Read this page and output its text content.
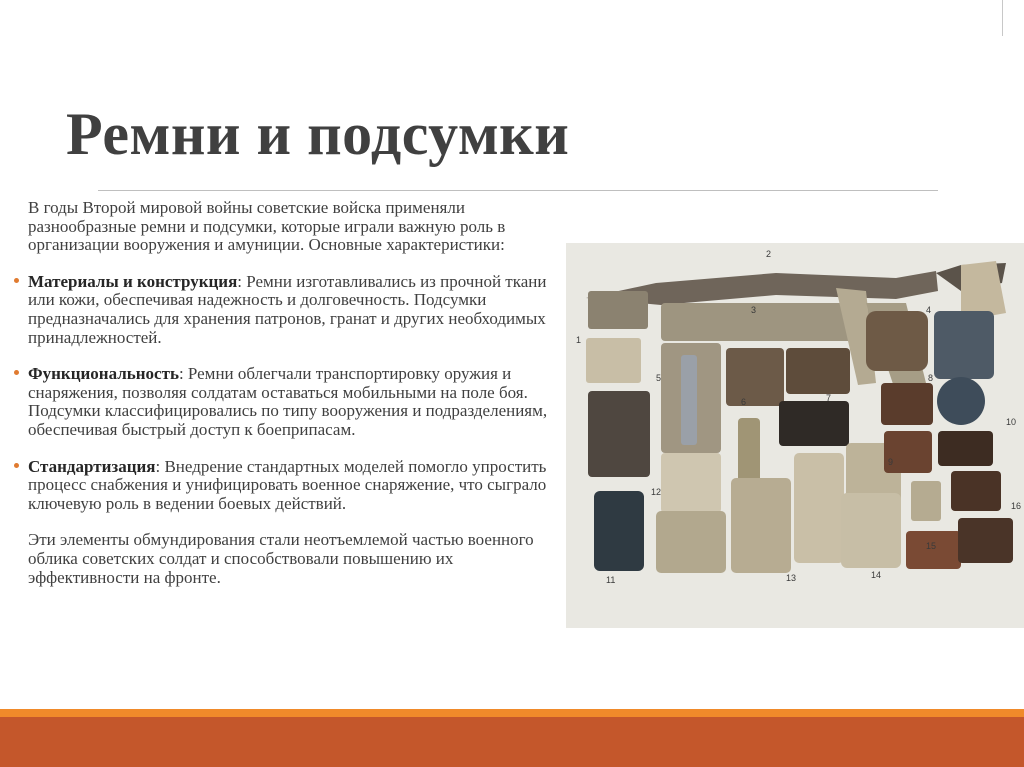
Ремни и подсумки

В годы Второй мировой войны советские войска применяли разнообразные ремни и подсумки, которые играли важную роль в организации вооружения и амуниции. Основные характеристики:

Материалы и конструкция: Ремни изготавливались из прочной ткани или кожи, обеспечивая надежность и долговечность. Подсумки предназначались для хранения патронов, гранат и других необходимых принадлежностей.
Функциональность: Ремни облегчали транспортировку оружия и снаряжения, позволяя солдатам оставаться мобильными на поле боя. Подсумки классифицировались по типу вооружения и подразделениям, обеспечивая быстрый доступ к боеприпасам.
Стандартизация: Внедрение стандартных моделей помогло упростить процесс снабжения и унифицировать военное снаряжение, что сыграло ключевую роль в ведении боевых действий.

Эти элементы обмундирования стали неотъемлемой частью военного облика советских солдат и способствовали повышению их эффективности на фронте.

1
2
3	4
5
6	7
8
9
10
11
12
13	14
15
16
